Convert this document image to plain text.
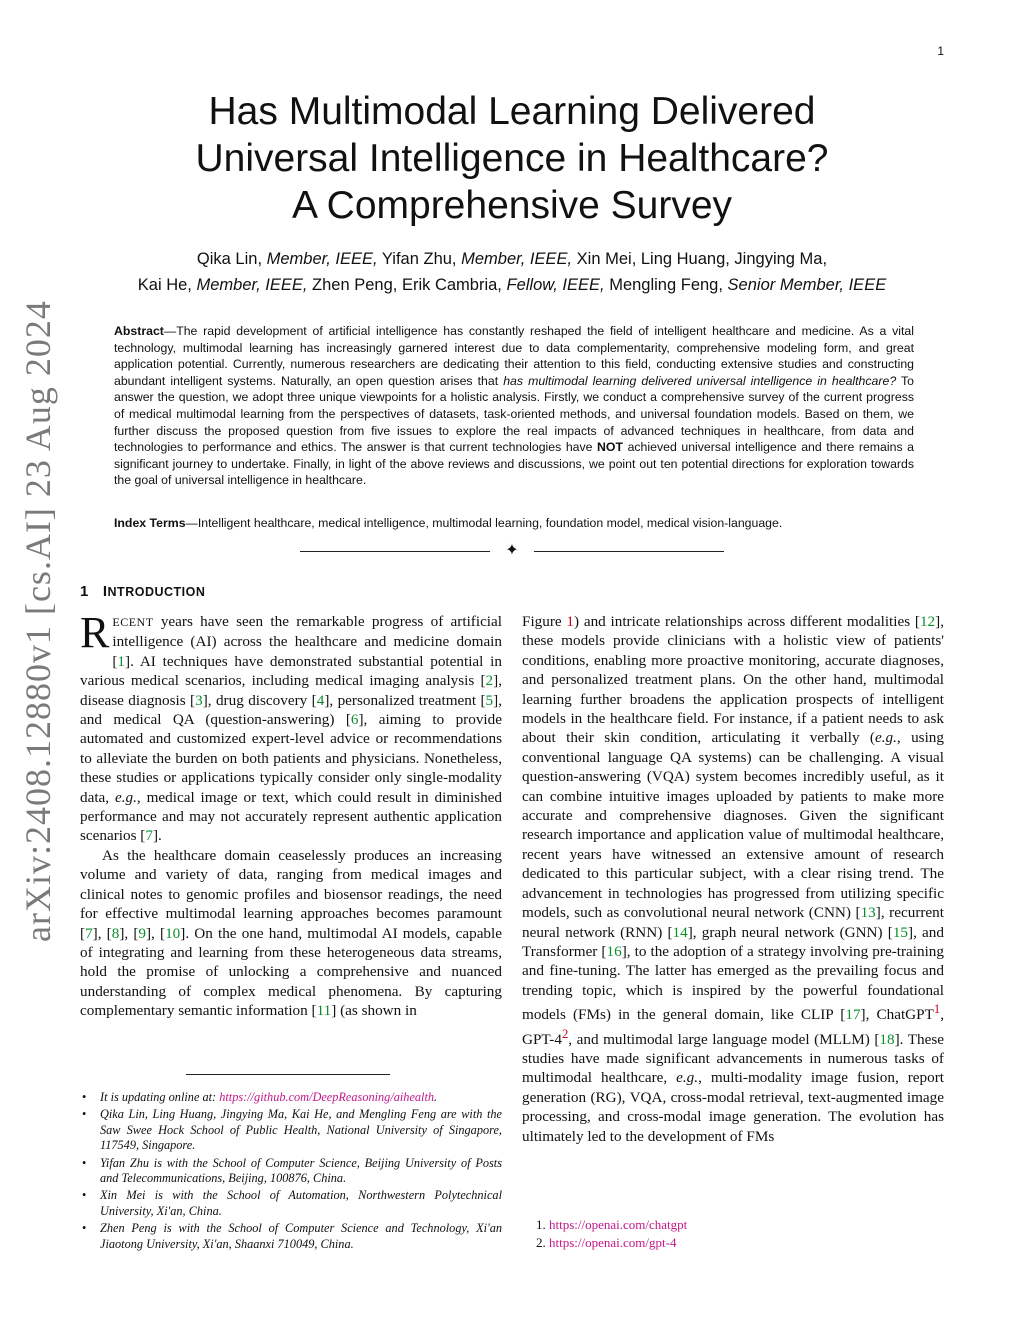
1
arXiv:2408.12880v1 [cs.AI] 23 Aug 2024
Has Multimodal Learning Delivered
Universal Intelligence in Healthcare?
A Comprehensive Survey
Qika Lin, Member, IEEE, Yifan Zhu, Member, IEEE, Xin Mei, Ling Huang, Jingying Ma,
Kai He, Member, IEEE, Zhen Peng, Erik Cambria, Fellow, IEEE, Mengling Feng, Senior Member, IEEE
Abstract—The rapid development of artificial intelligence has constantly reshaped the field of intelligent healthcare and medicine. As a vital technology, multimodal learning has increasingly garnered interest due to data complementarity, comprehensive modeling form, and great application potential. Currently, numerous researchers are dedicating their attention to this field, conducting extensive studies and constructing abundant intelligent systems. Naturally, an open question arises that has multimodal learning delivered universal intelligence in healthcare? To answer the question, we adopt three unique viewpoints for a holistic analysis. Firstly, we conduct a comprehensive survey of the current progress of medical multimodal learning from the perspectives of datasets, task-oriented methods, and universal foundation models. Based on them, we further discuss the proposed question from five issues to explore the real impacts of advanced techniques in healthcare, from data and technologies to performance and ethics. The answer is that current technologies have NOT achieved universal intelligence and there remains a significant journey to undertake. Finally, in light of the above reviews and discussions, we point out ten potential directions for exploration towards the goal of universal intelligence in healthcare.
Index Terms—Intelligent healthcare, medical intelligence, multimodal learning, foundation model, medical vision-language.
✦
1 INTRODUCTION

RECENT years have seen the remarkable progress of artificial intelligence (AI) across the healthcare and medicine domain [1]. AI techniques have demonstrated substantial potential in various medical scenarios, including medical imaging analysis [2], disease diagnosis [3], drug discovery [4], personalized treatment [5], and medical QA (question-answering) [6], aiming to provide automated and customized expert-level advice or recommendations to alleviate the burden on both patients and physicians. Nonetheless, these studies or applications typically consider only single-modality data, e.g., medical image or text, which could result in diminished performance and may not accurately represent authentic application scenarios [7].

As the healthcare domain ceaselessly produces an increasing volume and variety of data, ranging from medical images and clinical notes to genomic profiles and biosensor readings, the need for effective multimodal learning approaches becomes paramount [7], [8], [9], [10]. On the one hand, multimodal AI models, capable of integrating and learning from these heterogeneous data streams, hold the promise of unlocking a comprehensive and nuanced understanding of complex medical phenomena. By capturing complementary semantic information [11] (as shown in

Figure 1) and intricate relationships across different modalities [12], these models provide clinicians with a holistic view of patients' conditions, enabling more proactive monitoring, accurate diagnoses, and personalized treatment plans. On the other hand, multimodal learning further broadens the application prospects of intelligent models in the healthcare field. For instance, if a patient needs to ask about their skin condition, articulating it verbally (e.g., using conventional language QA systems) can be challenging. A visual question-answering (VQA) system becomes incredibly useful, as it can combine intuitive images uploaded by patients to make more accurate and comprehensive diagnoses. Given the significant research importance and application value of multimodal healthcare, recent years have witnessed an extensive amount of research dedicated to this particular subject, with a clear rising trend. The advancement in technologies has progressed from utilizing specific models, such as convolutional neural network (CNN) [13], recurrent neural network (RNN) [14], graph neural network (GNN) [15], and Transformer [16], to the adoption of a strategy involving pre-training and fine-tuning. The latter has emerged as the prevailing focus and trending topic, which is inspired by the powerful foundational models (FMs) in the general domain, like CLIP [17], ChatGPT$^1$, GPT-$4^2$, and multimodal large language model (MLLM) [18]. These studies have made significant advancements in numerous tasks of multimodal healthcare, e.g., multi-modality image fusion, report generation (RG), VQA, cross-modal retrieval, text-augmented image processing, and cross-modal image generation. The evolution has ultimately led to the development of FMs

• It is updating online at: https://github.com/DeepReasoning/aihealth.
• Qika Lin, Ling Huang, Jingying Ma, Kai He, and Mengling Feng are with the Saw Swee Hock School of Public Health, National University of Singapore, 117549, Singapore.
• Yifan Zhu is with the School of Computer Science, Beijing University of Posts and Telecommunications, Beijing, 100876, China.
• Xin Mei is with the School of Automation, Northwestern Polytechnical University, Xi'an, China.
• Zhen Peng is with the School of Computer Science and Technology, Xi'an Jiaotong University, Xi'an, Shaanxi 710049, China.
1. https://openai.com/chatgpt
2. https://openai.com/gpt-4
